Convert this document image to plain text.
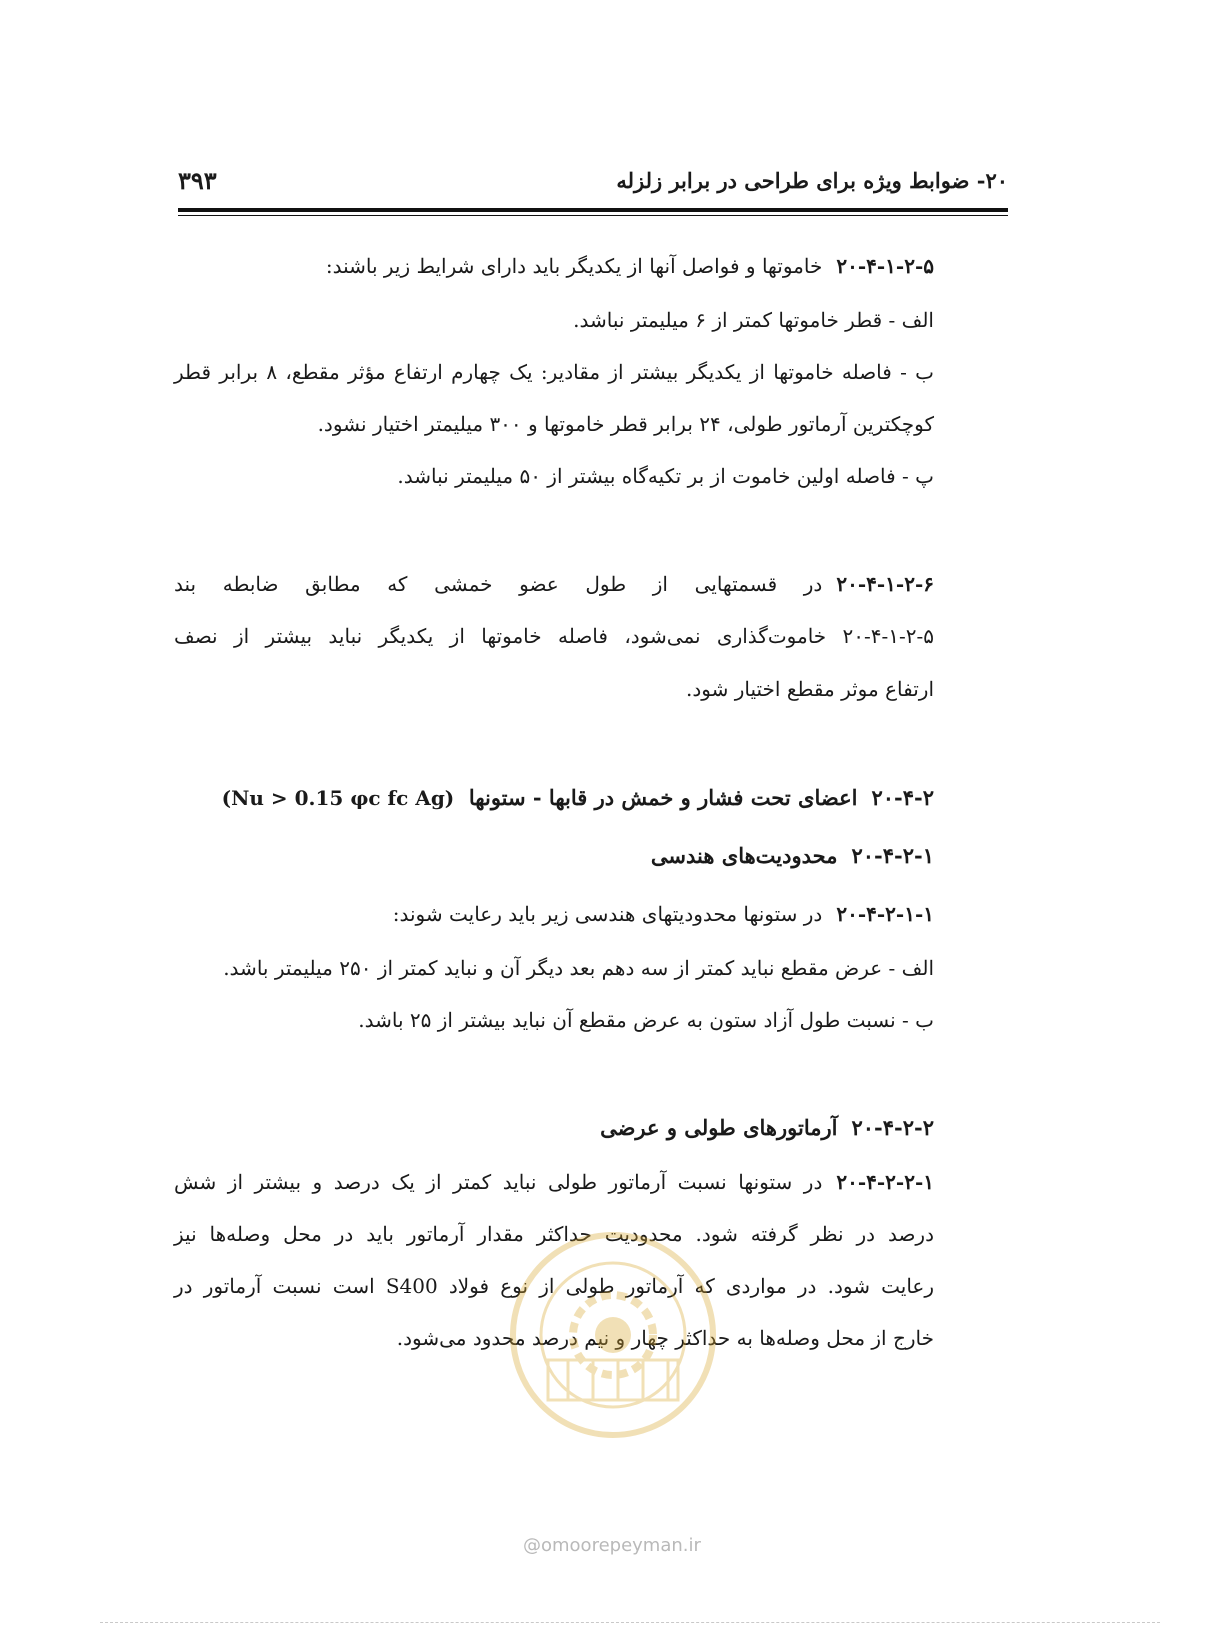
۲۰- ضوابط ویژه برای طراحی در برابر زلزله
۳۹۳
۲۰-۴-۱-۲-۵خاموتها و فواصل آنها از یکدیگر باید دارای شرایط زیر باشند:
الف - قطر خاموتها کمتر از ۶ میلیمتر نباشد.
ب - فاصله خاموتها از یکدیگر بیشتر از مقادیر: یک چهارم ارتفاع مؤثر مقطع، ۸ برابر قطر
کوچکترین آرماتور طولی، ۲۴ برابر قطر خاموتها و ۳۰۰ میلیمتر اختیار نشود.
پ - فاصله اولین خاموت از بر تکیه‌گاه بیشتر از ۵۰ میلیمتر نباشد.
۲۰-۴-۱-۲-۶در قسمتهایی از طول عضو خمشی که مطابق ضابطه بند
۲۰-۴-۱-۲-۵ خاموت‌گذاری نمی‌شود، فاصله خاموتها از یکدیگر نباید بیشتر از نصف
ارتفاع موثر مقطع اختیار شود.
۲۰-۴-۲اعضای تحت فشار و خمش در قابها - ستونها  (Nu > 0.15 φc fc Ag)
۲۰-۴-۲-۱محدودیت‌های هندسی
۲۰-۴-۲-۱-۱در ستونها محدودیتهای هندسی زیر باید رعایت شوند:
الف - عرض مقطع نباید کمتر از سه دهم بعد دیگر آن و نباید کمتر از ۲۵۰ میلیمتر باشد.
ب - نسبت طول آزاد ستون به عرض مقطع آن نباید بیشتر از ۲۵ باشد.
۲۰-۴-۲-۲آرماتورهای طولی و عرضی
۲۰-۴-۲-۲-۱در ستونها نسبت آرماتور طولی نباید کمتر از یک درصد و بیشتر از شش
درصد در نظر گرفته شود. محدودیت حداکثر مقدار آرماتور باید در محل وصله‌ها نیز
رعایت شود. در مواردی که آرماتور طولی از نوع فولاد S400 است نسبت آرماتور در
خارج از محل وصله‌ها به حداکثر چهار و نیم درصد محدود می‌شود.
@omoorepeyman.ir
